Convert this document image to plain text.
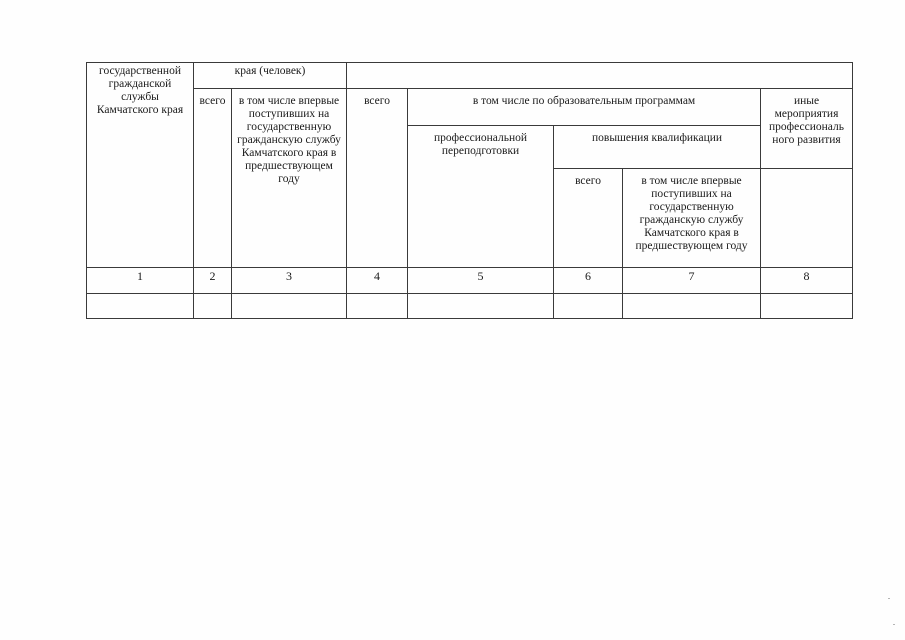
государственной гражданской службы Камчатского края	края (человек)						
	всего	в том числе впервые поступивших на государственную гражданскую службу Камчатского края в предшествующем году	всего	в том числе по образовательным программам			иные мероприятия профессиональ ного развития
				профессиональной переподготовки	повышения квалификации		
					всего	в том числе впервые поступивших на государственную гражданскую службу Камчатского края в предшествующем году	
1	2	3	4	5	6	7	8
